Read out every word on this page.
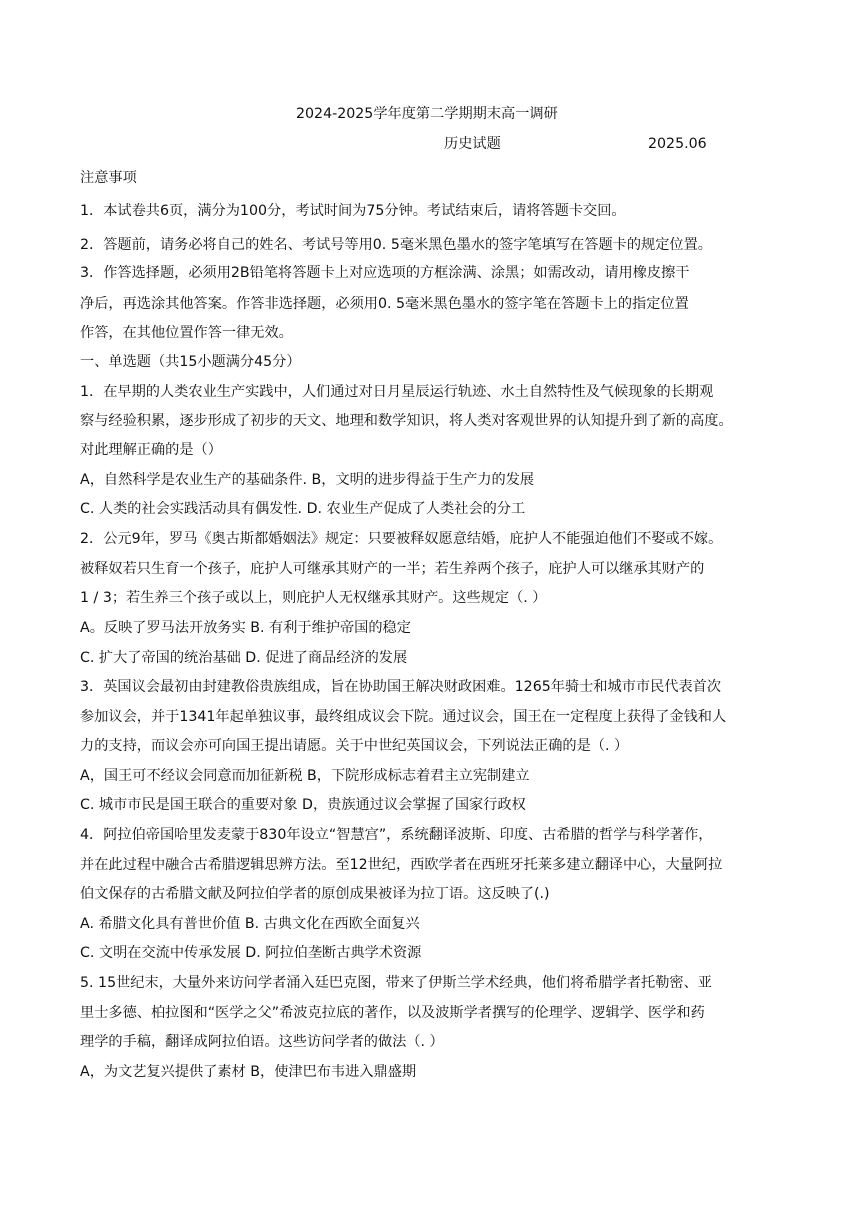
2024-2025学年度第二学期期末高一调研
历史试题	2025.06
注意事项
1．本试卷共6页，满分为100分，考试时间为75分钟。考试结束后，请将答题卡交回。
2．答题前，请务必将自己的姓名、考试号等用0. 5毫米黑色墨水的签字笔填写在答题卡的规定位置。
3．作答选择题，必须用2B铅笔将答题卡上对应选项的方框涂满、涂黑；如需改动，请用橡皮擦干
净后，再选涂其他答案。作答非选择题，必须用0. 5毫米黑色墨水的签字笔在答题卡上的指定位置
作答，在其他位置作答一律无效。
一、单选题（共15小题满分45分）
1．在早期的人类农业生产实践中，人们通过对日月星辰运行轨迹、水土自然特性及气候现象的长期观
察与经验积累，逐步形成了初步的天文、地理和数学知识，将人类对客观世界的认知提升到了新的高度。
对此理解正确的是（）
A，自然科学是农业生产的基础条件. B，文明的进步得益于生产力的发展
C. 人类的社会实践活动具有偶发性. D. 农业生产促成了人类社会的分工
2．公元9年，罗马《奥古斯都婚姻法》规定：只要被释奴愿意结婚，庇护人不能强迫他们不娶或不嫁。
被释奴若只生育一个孩子，庇护人可继承其财产的一半；若生养两个孩子，庇护人可以继承其财产的
1 / 3；若生养三个孩子或以上，则庇护人无权继承其财产。这些规定（. ）
A。反映了罗马法开放务实 B. 有利于维护帝国的稳定
C. 扩大了帝国的统治基础 D. 促进了商品经济的发展
3．英国议会最初由封建教俗贵族组成，旨在协助国王解决财政困难。1265年骑士和城市市民代表首次
参加议会，并于1341年起单独议事，最终组成议会下院。通过议会，国王在一定程度上获得了金钱和人
力的支持，而议会亦可向国王提出请愿。关于中世纪英国议会，下列说法正确的是（. ）
A，国王可不经议会同意而加征新税 B，下院形成标志着君主立宪制建立
C. 城市市民是国王联合的重要对象 D，贵族通过议会掌握了国家行政权
4．阿拉伯帝国哈里发麦蒙于830年设立“智慧宫”，系统翻译波斯、印度、古希腊的哲学与科学著作，
并在此过程中融合古希腊逻辑思辨方法。至12世纪，西欧学者在西班牙托莱多建立翻译中心，大量阿拉
伯文保存的古希腊文献及阿拉伯学者的原创成果被译为拉丁语。这反映了(.)
A. 希腊文化具有普世价值 B. 古典文化在西欧全面复兴
C. 文明在交流中传承发展 D. 阿拉伯垄断古典学术资源
5. 15世纪末，大量外来访问学者涌入廷巴克图，带来了伊斯兰学术经典，他们将希腊学者托勒密、亚
里士多德、柏拉图和“医学之父”希波克拉底的著作，以及波斯学者撰写的伦理学、逻辑学、医学和药
理学的手稿，翻译成阿拉伯语。这些访问学者的做法（. ）
A，为文艺复兴提供了素材 B，使津巴布韦进入鼎盛期
